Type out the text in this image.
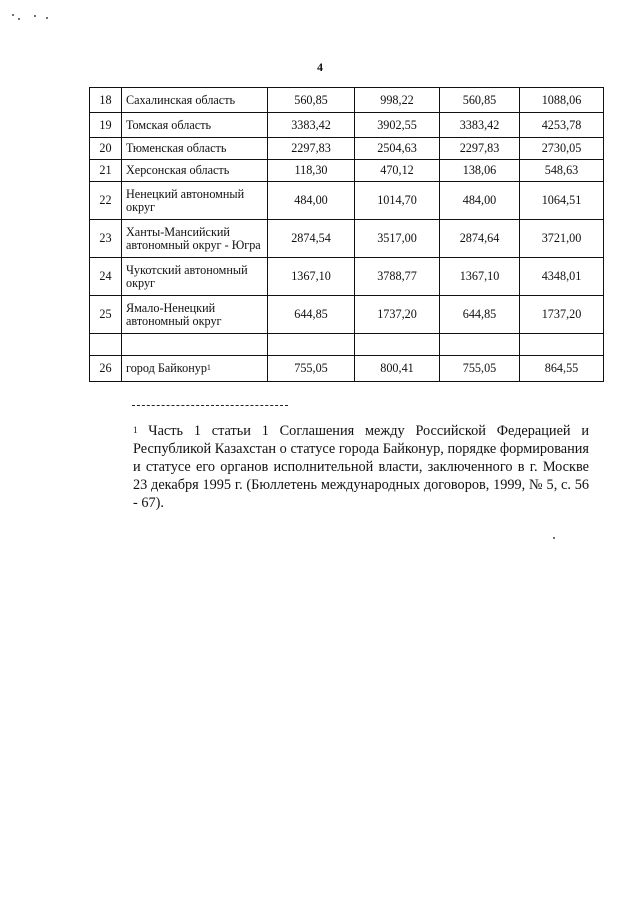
4
18	Сахалинская область	560,85	998,22	560,85	1088,06
19	Томская область	3383,42	3902,55	3383,42	4253,78
20	Тюменская область	2297,83	2504,63	2297,83	2730,05
21	Херсонская область	118,30	470,12	138,06	548,63
22	Ненецкий автономный округ	484,00	1014,70	484,00	1064,51
23	Ханты-Мансийский автономный округ - Югра	2874,54	3517,00	2874,64	3721,00
24	Чукотский автономный округ	1367,10	3788,77	1367,10	4348,01
25	Ямало-Ненецкий автономный округ	644,85	1737,20	644,85	1737,20

26	город Байконур$^1$	755,05	800,41	755,05	864,55
$^1$ Часть 1 статьи 1 Соглашения между Российской Федерацией и Республикой Казахстан о статусе города Байконур, порядке формирования и статусе его органов исполнительной власти, заключенного в г. Москве 23 декабря 1995 г. (Бюллетень международных договоров, 1999, № 5, с. 56 - 67).
